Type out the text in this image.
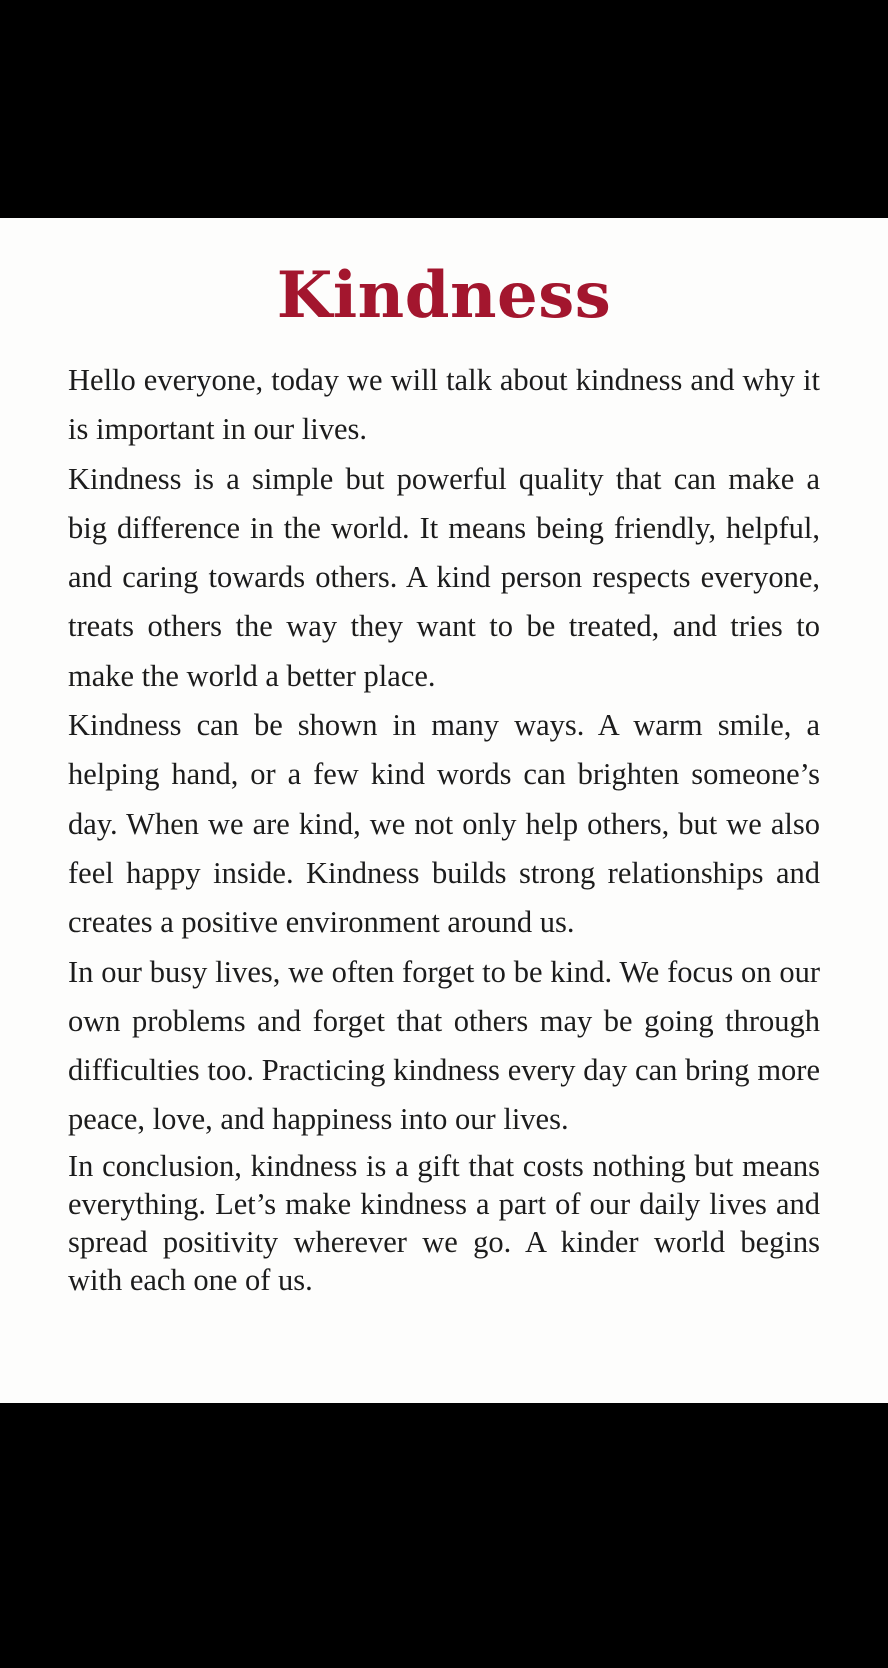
Kindness

Hello everyone, today we will talk about kindness and why it is important in our lives.

Kindness is a simple but powerful quality that can make a big difference in the world. It means being friendly, helpful, and caring towards others. A kind person respects everyone, treats others the way they want to be treated, and tries to make the world a better place.

Kindness can be shown in many ways. A warm smile, a helping hand, or a few kind words can brighten someone’s day. When we are kind, we not only help others, but we also feel happy inside. Kindness builds strong relationships and creates a positive environment around us.

In our busy lives, we often forget to be kind. We focus on our own problems and forget that others may be going through difficulties too. Practicing kindness every day can bring more peace, love, and happiness into our lives.

In conclusion, kindness is a gift that costs nothing but means everything. Let’s make kindness a part of our daily lives and spread positivity wherever we go. A kinder world begins with each one of us.
